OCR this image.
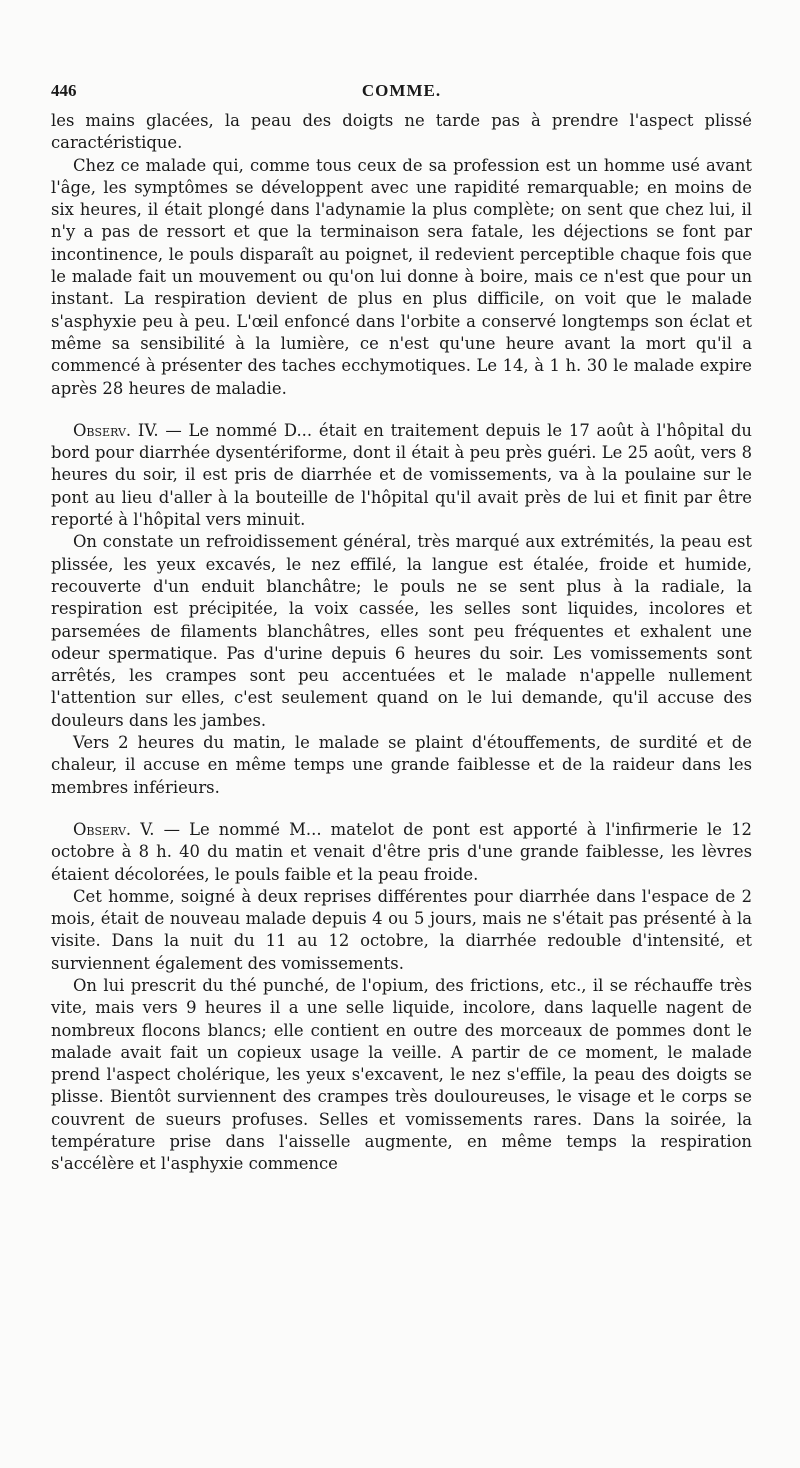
446	COMME.

les mains glacées, la peau des doigts ne tarde pas à prendre l'aspect plissé caractéristique.

Chez ce malade qui, comme tous ceux de sa profession est un homme usé avant l'âge, les symptômes se développent avec une rapidité remarquable; en moins de six heures, il était plongé dans l'adynamie la plus complète; on sent que chez lui, il n'y a pas de ressort et que la terminaison sera fatale, les déjections se font par incontinence, le pouls disparaît au poignet, il redevient perceptible chaque fois que le malade fait un mouvement ou qu'on lui donne à boire, mais ce n'est que pour un instant. La respiration devient de plus en plus difficile, on voit que le malade s'asphyxie peu à peu. L'œil enfoncé dans l'orbite a conservé longtemps son éclat et même sa sensibilité à la lumière, ce n'est qu'une heure avant la mort qu'il a commencé à présenter des taches ecchymotiques. Le 14, à 1 h. 30 le malade expire après 28 heures de maladie.

Observ. IV. — Le nommé D... était en traitement depuis le 17 août à l'hôpital du bord pour diarrhée dysentériforme, dont il était à peu près guéri. Le 25 août, vers 8 heures du soir, il est pris de diarrhée et de vomissements, va à la poulaine sur le pont au lieu d'aller à la bouteille de l'hôpital qu'il avait près de lui et finit par être reporté à l'hôpital vers minuit.

On constate un refroidissement général, très marqué aux extrémités, la peau est plissée, les yeux excavés, le nez effilé, la langue est étalée, froide et humide, recouverte d'un enduit blanchâtre; le pouls ne se sent plus à la radiale, la respiration est précipitée, la voix cassée, les selles sont liquides, incolores et parsemées de filaments blanchâtres, elles sont peu fréquentes et exhalent une odeur spermatique. Pas d'urine depuis 6 heures du soir. Les vomissements sont arrêtés, les crampes sont peu accentuées et le malade n'appelle nullement l'attention sur elles, c'est seulement quand on le lui demande, qu'il accuse des douleurs dans les jambes.

Vers 2 heures du matin, le malade se plaint d'étouffements, de surdité et de chaleur, il accuse en même temps une grande faiblesse et de la raideur dans les membres inférieurs.

Observ. V. — Le nommé M... matelot de pont est apporté à l'infirmerie le 12 octobre à 8 h. 40 du matin et venait d'être pris d'une grande faiblesse, les lèvres étaient décolorées, le pouls faible et la peau froide.

Cet homme, soigné à deux reprises différentes pour diarrhée dans l'espace de 2 mois, était de nouveau malade depuis 4 ou 5 jours, mais ne s'était pas présenté à la visite. Dans la nuit du 11 au 12 octobre, la diarrhée redouble d'intensité, et surviennent également des vomissements.

On lui prescrit du thé punché, de l'opium, des frictions, etc., il se réchauffe très vite, mais vers 9 heures il a une selle liquide, incolore, dans laquelle nagent de nombreux flocons blancs; elle contient en outre des morceaux de pommes dont le malade avait fait un copieux usage la veille. A partir de ce moment, le malade prend l'aspect cholérique, les yeux s'excavent, le nez s'effile, la peau des doigts se plisse. Bientôt surviennent des crampes très douloureuses, le visage et le corps se couvrent de sueurs profuses. Selles et vomissements rares. Dans la soirée, la température prise dans l'aisselle augmente, en même temps la respiration s'accélère et l'asphyxie commence
